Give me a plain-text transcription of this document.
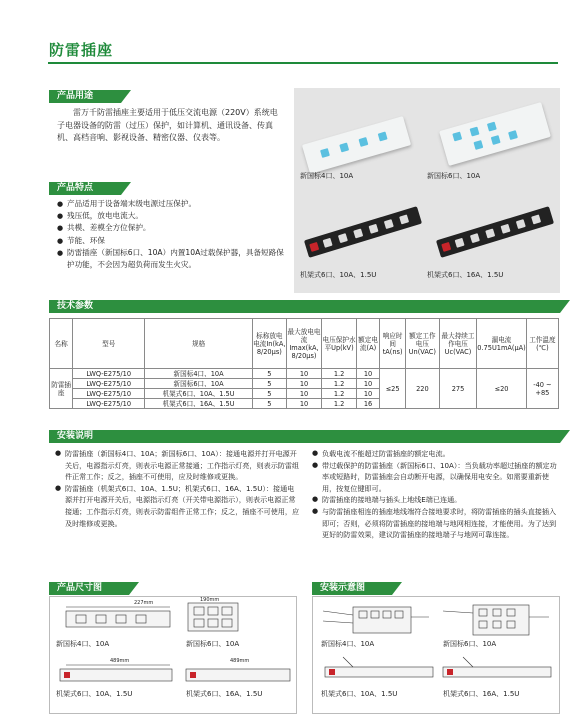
防雷插座
产品用途
雷万千防雷插座主要适用于低压交流电源（220V）系统电子电器设备的防雷（过压）保护，如计算机、通讯设备、传真机、高档音响、影视设备、精密仪器、仪表等。
产品特点
● 产品适用于设备端末级电源过压保护。
● 残压低，放电电流大。
● 共模、差模全方位保护。
● 节能、环保
● 防雷插座（新国标6口、10A）内置10A过载保护器，具备短路保护功能，不会因为超负荷而发生火灾。
新国标4口、10A	新国标6口、10A
机架式6口、10A、1.5U	机架式6口、16A、1.5U
技术参数
名称	型号	规格	标称放电电流In(kA, 8/20μs)	最大放电电流Imax(kA, 8/20μs)	电压保护水平Up(kV)	额定电流(A)	响应时间tA(ns)	额定工作电压Un(VAC)	最大持续工作电压Uc(VAC)	漏电流0.75U1mA(μA)	工作温度(℃)
防雷插座	LWQ-E275/10	新国标4口、10A	5	10	1.2	10	≤25	220	275	≤20	-40 ~ +85
	LWQ-E275/10	新国标6口、10A	5	10	1.2	10					
	LWQ-E275/10	机架式6口、10A、1.5U	5	10	1.2	10					
	LWQ-E275/10	机架式6口、16A、1.5U	5	10	1.2	16					
安装说明
● 防雷插座（新国标4口、10A；新国标6口、10A）：接通电源并打开电源开关后，电源指示灯亮，则表示电源正常接通；工作指示灯亮，则表示防雷组件正常工作；反之，插座不可使用，应及时维修或更换。
● 防雷插座（机架式6口、10A、1.5U；机架式6口、16A、1.5U）：接通电源并打开电源开关后，电源指示灯亮（开关带电源指示），则表示电源正常接通；工作指示灯亮，则表示防雷组件正常工作；反之，插座不可使用，应及时维修或更换。
● 负载电流不能超过防雷插座的额定电流。
● 带过载保护的防雷插座（新国标6口、10A）：当负载功率超过插座的额定功率或短路时，防雷插座会自动断开电源，以确保用电安全。如需要重新使用，按复位键即可。
● 防雷插座的接地端与插头上地线E端已连通。
● 与防雷插座相连的插座地线端符合接地要求时，将防雷插座的插头直接插入即可；否则，必须将防雷插座的接地端与地网相连接，才能使用。为了达到更好的防雷效果，建议防雷插座的接地端子与地网可靠连接。
产品尺寸图
227mm	190mm
489mm	489mm
新国标4口、10A	新国标6口、10A
机架式6口、10A、1.5U	机架式6口、16A、1.5U
安装示意图
新国标4口、10A	新国标6口、10A
机架式6口、10A、1.5U	机架式6口、16A、1.5U
